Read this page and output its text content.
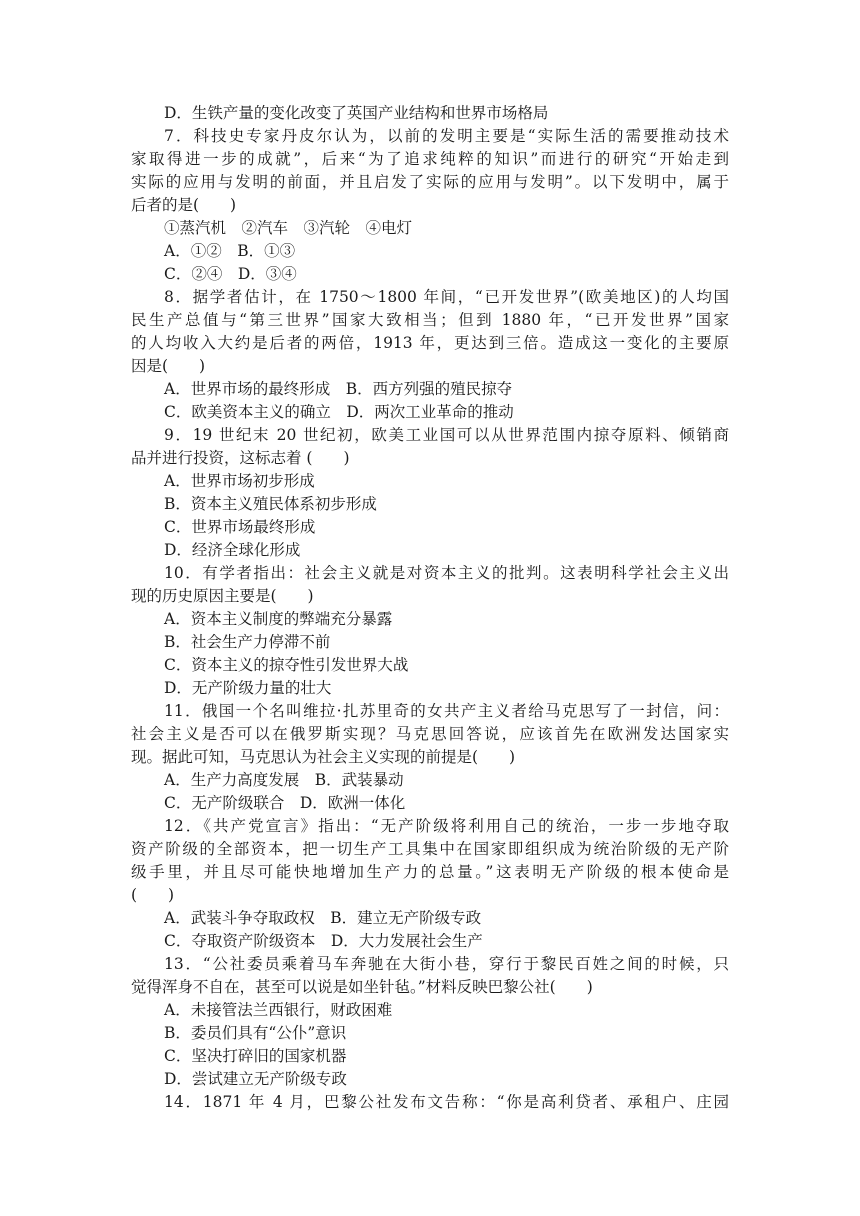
D．生铁产量的变化改变了英国产业结构和世界市场格局
7．科技史专家丹皮尔认为，以前的发明主要是“实际生活的需要推动技术
家取得进一步的成就”，后来“为了追求纯粹的知识”而进行的研究“开始走到
实际的应用与发明的前面，并且启发了实际的应用与发明”。以下发明中，属于
后者的是(　　)
①蒸汽机　②汽车　③汽轮　④电灯
A．①②　B．①③
C．②④　D．③④
8．据学者估计，在 1750～1800 年间，“已开发世界”(欧美地区)的人均国
民生产总值与“第三世界”国家大致相当；但到 1880 年，“已开发世界”国家
的人均收入大约是后者的两倍，1913 年，更达到三倍。造成这一变化的主要原
因是(　　)
A．世界市场的最终形成　B．西方列强的殖民掠夺
C．欧美资本主义的确立　D．两次工业革命的推动
9．19 世纪末 20 世纪初，欧美工业国可以从世界范围内掠夺原料、倾销商
品并进行投资，这标志着 (　　)
A．世界市场初步形成
B．资本主义殖民体系初步形成
C．世界市场最终形成
D．经济全球化形成
10．有学者指出：社会主义就是对资本主义的批判。这表明科学社会主义出
现的历史原因主要是(　　)
A．资本主义制度的弊端充分暴露
B．社会生产力停滞不前
C．资本主义的掠夺性引发世界大战
D．无产阶级力量的壮大
11．俄国一个名叫维拉·扎苏里奇的女共产主义者给马克思写了一封信，问：
社会主义是否可以在俄罗斯实现？马克思回答说，应该首先在欧洲发达国家实
现。据此可知，马克思认为社会主义实现的前提是(　　)
A．生产力高度发展　B．武装暴动
C．无产阶级联合　D．欧洲一体化
12．《共产党宣言》指出：“无产阶级将利用自己的统治，一步一步地夺取
资产阶级的全部资本，把一切生产工具集中在国家即组织成为统治阶级的无产阶
级手里，并且尽可能快地增加生产力的总量。”这表明无产阶级的根本使命是
(　　)
A．武装斗争夺取政权　B．建立无产阶级专政
C．夺取资产阶级资本　D．大力发展社会生产
13．“公社委员乘着马车奔驰在大街小巷，穿行于黎民百姓之间的时候，只
觉得浑身不自在，甚至可以说是如坐针毡。”材料反映巴黎公社(　　)
A．未接管法兰西银行，财政困难
B．委员们具有“公仆”意识
C．坚决打碎旧的国家机器
D．尝试建立无产阶级专政
14．1871 年 4 月，巴黎公社发布文告称：“你是高利贷者、承租户、庄园
